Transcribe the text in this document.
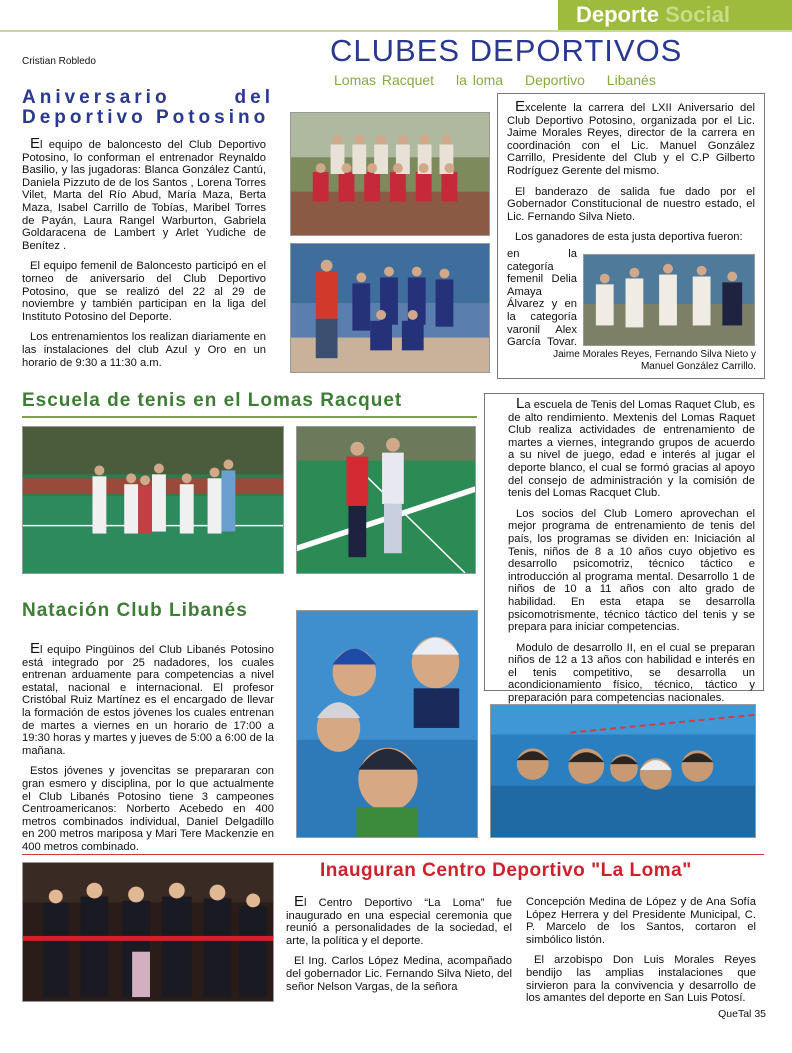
Deporte Social
Cristian Robledo	CLUBES DEPORTIVOS
Lomas Racquet la loma Deportivo Libanés
Aniversario	del
Deportivo Potosino

El equipo de baloncesto del Club Deportivo Potosino, lo conforman el entrenador Reynaldo Basilio, y las jugadoras: Blanca González Cantú, Daniela Pizzuto de de los Santos , Lorena Torres Vilet, Marta del Río Abud, María Maza, Berta Maza, Isabel Carrillo de Tobías, Maribel Torres de Payán, Laura Rangel Warburton, Gabriela Goldaracena de Lambert y Arlet Yudiche de Benítez .

El equipo femenil de Baloncesto participó en el torneo de aniversario del Club Deportivo Potosino, que se realizó del 22 al 29 de noviembre y también participan en la liga del Instituto Potosino del Deporte.

Los entrenamientos los realizan diariamente en las instalaciones del club Azul y Oro en un horario de 9:30 a 11:30 a.m.

Excelente la carrera del LXII Aniversario del Club Deportivo Potosino, organizada por el Lic. Jaime Morales Reyes, director de la carrera en coordinación con el Lic. Manuel González Carrillo, Presidente del Club y el C.P Gilberto Rodríguez Gerente del mismo.

El banderazo de salida fue dado por el Gobernador Constitucional de nuestro estado, el Lic. Fernando Silva Nieto.

Los ganadores de esta justa deportiva fueron:

en la categoría femenil Delia Amaya Álvarez y en la categoría varonil Alex García Tovar.
Jaime Morales Reyes, Fernando Silva Nieto y Manuel González Carrillo.
Escuela de tenis en el Lomas Racquet	La escuela de Tenis del Lomas Raquet Club, es de alto rendimiento. Mextenis del Lomas Raquet Club realiza actividades de entrenamiento de martes a viernes, integrando grupos de acuerdo a su nivel de juego, edad e interés al jugar el deporte blanco, el cual se formó gracias al apoyo del consejo de administración y la comisión de tenis del Lomas Racquet Club.

Los socios del Club Lomero aprovechan el mejor programa de entrenamiento de tenis del país, los programas se dividen en: Iniciación al Tenis, niños de 8 a 10 años cuyo objetivo es desarrollo psicomotriz, técnico táctico e introducción al programa mental. Desarrollo 1 de niños de 10 a 11 años con alto grado de habilidad. En esta etapa se desarrolla psicomotrismente, técnico táctico del tenis y se prepara para iniciar competencias.

Modulo de desarrollo II, en el cual se preparan niños de 12 a 13 años con habilidad e interés en el tenis competitivo, se desarrolla un acondicionamiento físico, técnico, táctico y preparación para competencias nacionales.

Natación Club Libanés

El equipo Pingüinos del Club Libanés Potosino está integrado por 25 nadadores, los cuales entrenan arduamente para competencias a nivel estatal, nacional e internacional. El profesor Cristóbal Ruiz Martínez es el encargado de llevar la formación de estos jóvenes los cuales entrenan de martes a viernes en un horario de 17:00 a 19:30 horas y martes y jueves de 5:00 a 6:00 de la mañana.

Estos jóvenes y jovencitas se prepararan con gran esmero y disciplina, por lo que actualmente el Club Libanés Potosino tiene 3 campeones Centroamericanos: Norberto Acebedo en 400 metros combinados individual, Daniel Delgadillo en 200 metros mariposa y Mari Tere Mackenzie en 400 metros combinado.

Inauguran Centro Deportivo "La Loma"

El Centro Deportivo “La Loma” fue inaugurado en una especial ceremonia que reunió a personalidades de la sociedad, el arte, la política y el deporte.

El Ing. Carlos López Medina, acompañado del gobernador Lic. Fernando Silva Nieto, del señor Nelson Vargas, de la señora

Concepción Medina de López y de Ana Sofía López Herrera y del Presidente Municipal, C. P. Marcelo de los Santos, cortaron el simbólico listón.

El arzobispo Don Luis Morales Reyes bendijo las amplias instalaciones que sirvieron para la convivencia y desarrollo de los amantes del deporte en San Luis Potosí.

QueTal 35
